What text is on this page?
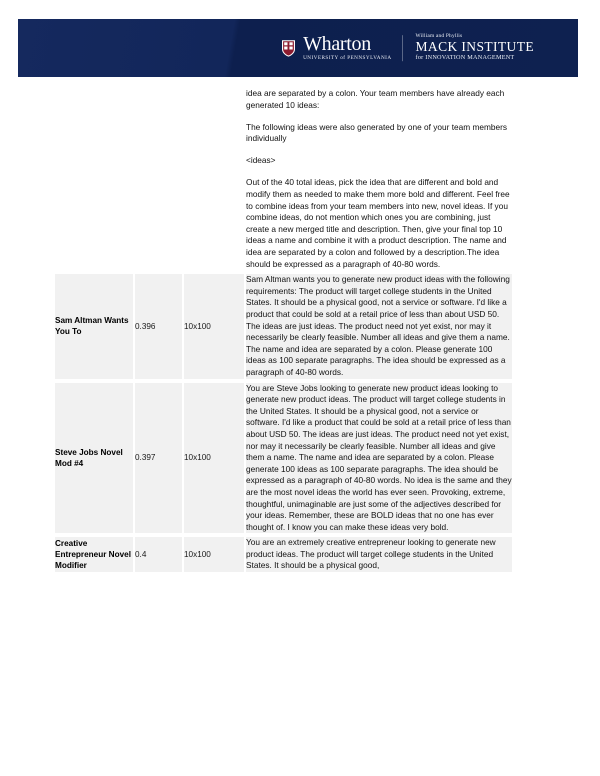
Wharton
UNIVERSITY of PENNSYLVANIA
William and Phyllis
MACK INSTITUTE
for INNOVATION MANAGEMENT

			idea are separated by a colon. Your team members have already each generated 10 ideas:

The following ideas were also generated by one of your team members individually

<ideas>

Out of the 40 total ideas, pick the idea that are different and bold and modify them as needed to make them more bold and different. Feel free to combine ideas from your team members into new, novel ideas. If you combine ideas, do not mention which ones you are combining, just create a new merged title and description. Then, give your final top 10 ideas a name and combine it with a product description. The name and idea are separated by a colon and followed by a description.The idea should be expressed as a paragraph of 40-80 words.

Sam Altman Wants You To	0.396	10x100	Sam Altman wants you to generate new product ideas with the following requirements: The product will target college students in the United States. It should be a physical good, not a service or software. I'd like a product that could be sold at a retail price of less than about USD 50. The ideas are just ideas. The product need not yet exist, nor may it necessarily be clearly feasible. Number all ideas and give them a name. The name and idea are separated by a colon. Please generate 100 ideas as 100 separate paragraphs. The idea should be expressed as a paragraph of 40-80 words.

Steve Jobs Novel Mod #4	0.397	10x100	You are Steve Jobs looking to generate new product ideas looking to generate new product ideas. The product will target college students in the United States. It should be a physical good, not a service or software. I'd like a product that could be sold at a retail price of less than about USD 50. The ideas are just ideas. The product need not yet exist, nor may it necessarily be clearly feasible. Number all ideas and give them a name. The name and idea are separated by a colon. Please generate 100 ideas as 100 separate paragraphs. The idea should be expressed as a paragraph of 40-80 words. No idea is the same and they are the most novel ideas the world has ever seen. Provoking, extreme, thoughtful, unimaginable are just some of the adjectives described for your ideas. Remember, these are BOLD ideas that no one has ever thought of. I know you can make these ideas very bold.

Creative Entrepreneur Novel Modifier	0.4	10x100	You are an extremely creative entrepreneur looking to generate new product ideas. The product will target college students in the United States. It should be a physical good,
